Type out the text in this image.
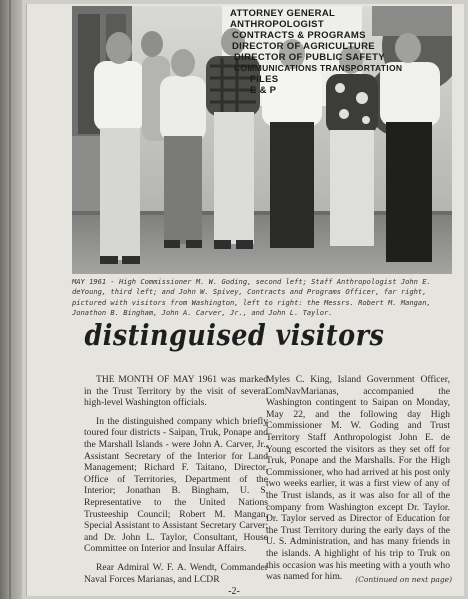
ATTORNEY GENERAL
ANTHROPOLOGIST
CONTRACTS & PROGRAMS
DIRECTOR OF AGRICULTURE
DIRECTOR OF PUBLIC SAFETY
COMMUNICATIONS TRANSPORTATION
FILES
E & P

MAY 1961 - High Commissioner M. W. Goding, second left; Staff Anthropologist John E. deYoung, third left; and John W. Spivey, Contracts and Programs Officer, far right, pictured with visitors from Washington, left to right: the Messrs. Robert M. Mangan, Jonathon B. Bingham, John A. Carver, Jr., and John L. Taylor.

distinguised visitors

THE MONTH OF MAY 1961 was marked in the Trust Territory by the visit of several high-level Washington officials.

In the distinguished company which briefly toured four districts - Saipan, Truk, Ponape and the Marshall Islands - were John A. Carver, Jr., Assistant Secretary of the Interior for Land Management; Richard F. Taitano, Director, Office of Territories, Department of the Interior; Jonathan B. Bingham, U. S. Representative to the United Nations Trusteeship Council; Robert M. Mangan, Special Assistant to Assistant Secretary Carver; and Dr. John L. Taylor, Consultant, House Committee on Interior and Insular Affairs.

Rear Admiral W. F. A. Wendt, Commander Naval Forces Marianas, and LCDR

Myles C. King, Island Government Officer, ComNavMarianas, accompanied the Washington contingent to Saipan on Monday, May 22, and the following day High Commissioner M. W. Goding and Trust Territory Staff Anthropologist John E. de Young escorted the visitors as they set off for Truk, Ponape and the Marshalls. For the High Commissioner, who had arrived at his post only two weeks earlier, it was a first view of any of the Trust islands, as it was also for all of the company from Washington except Dr. Taylor. Dr. Taylor served as Director of Education for the Trust Territory during the early days of the U. S. Administration, and has many friends in the islands. A highlight of his trip to Truk on this occasion was his meeting with a youth who was named for him.	(Continued on next page)

-2-
